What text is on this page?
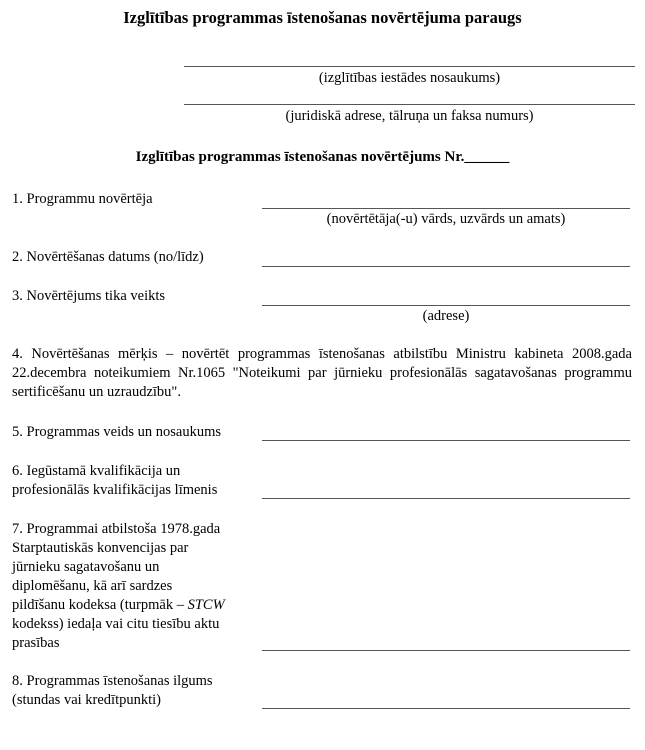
Izglītības programmas īstenošanas novērtējuma paraugs
(izglītības iestādes nosaukums)
(juridiskā adrese, tālruņa un faksa numurs)
Izglītības programmas īstenošanas novērtējums Nr.______
1. Programmu novērtēja
(novērtētāja(-u) vārds, uzvārds un amats)
2. Novērtēšanas datums (no/līdz)
3. Novērtējums tika veikts
(adrese)
4. Novērtēšanas mērķis – novērtēt programmas īstenošanas atbilstību Ministru kabineta 2008.gada 22.decembra noteikumiem Nr.1065 "Noteikumi par jūrnieku profesionālās sagatavošanas programmu sertificēšanu un uzraudzību".
5. Programmas veids un nosaukums
6. Iegūstamā kvalifikācija un
profesionālās kvalifikācijas līmenis
7. Programmai atbilstoša 1978.gada
Starptautiskās konvencijas par
jūrnieku sagatavošanu un
diplomēšanu, kā arī sardzes
pildīšanu kodeksa (turpmāk – STCW
kodekss) iedaļa vai citu tiesību aktu
prasības
8. Programmas īstenošanas ilgums
(stundas vai kredītpunkti)
